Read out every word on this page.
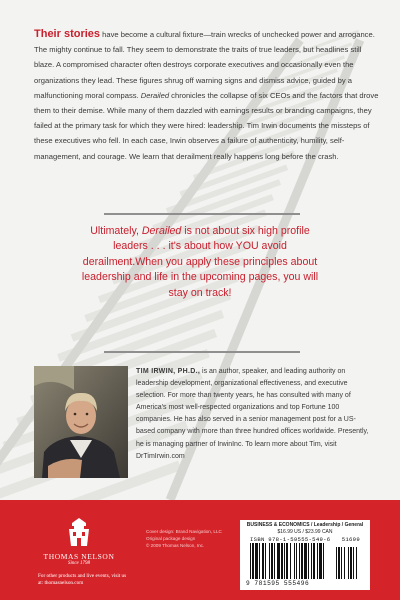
Their stories have become a cultural fixture—train wrecks of unchecked power and arrogance. The mighty continue to fall. They seem to demonstrate the traits of true leaders, but headlines still blaze. A compromised character often destroys corporate executives and occasionally even the organizations they lead. These figures shrug off warning signs and dismiss advice, guided by a malfunctioning moral compass. Derailed chronicles the collapse of six CEOs and the factors that drove them to their demise. While many of them dazzled with earnings results or branding campaigns, they failed at the primary task for which they were hired: leadership. Tim Irwin documents the missteps of these executives who fell. In each case, Irwin observes a failure of authenticity, humility, self-management, and courage. We learn that derailment really happens long before the crash.

Ultimately, Derailed is not about six high profile leaders . . . it's about how YOU avoid derailment.When you apply these principles about leadership and life in the upcoming pages, you will stay on track!

TIM IRWIN, PH.D., is an author, speaker, and leading authority on leadership development, organizational effectiveness, and executive selection. For more than twenty years, he has consulted with many of America's most well-respected organizations and top Fortune 100 companies. He has also served in a senior management post for a US-based company with more than three hundred offices worldwide. Presently, he is managing partner of IrwinInc. To learn more about Tim, visit DrTimIrwin.com

THOMAS NELSON
Since 1798
For other products and live events, visit us at: thomasnelson.com
Cover design: Brand Navigation, LLC
Original package design
© 2009 Thomas Nelson, Inc.
BUSINESS & ECONOMICS / Leadership / General
$16.99 US / $23.99 CAN
ISBN 978-1-59555-549-6 51699
9 781595 555496
